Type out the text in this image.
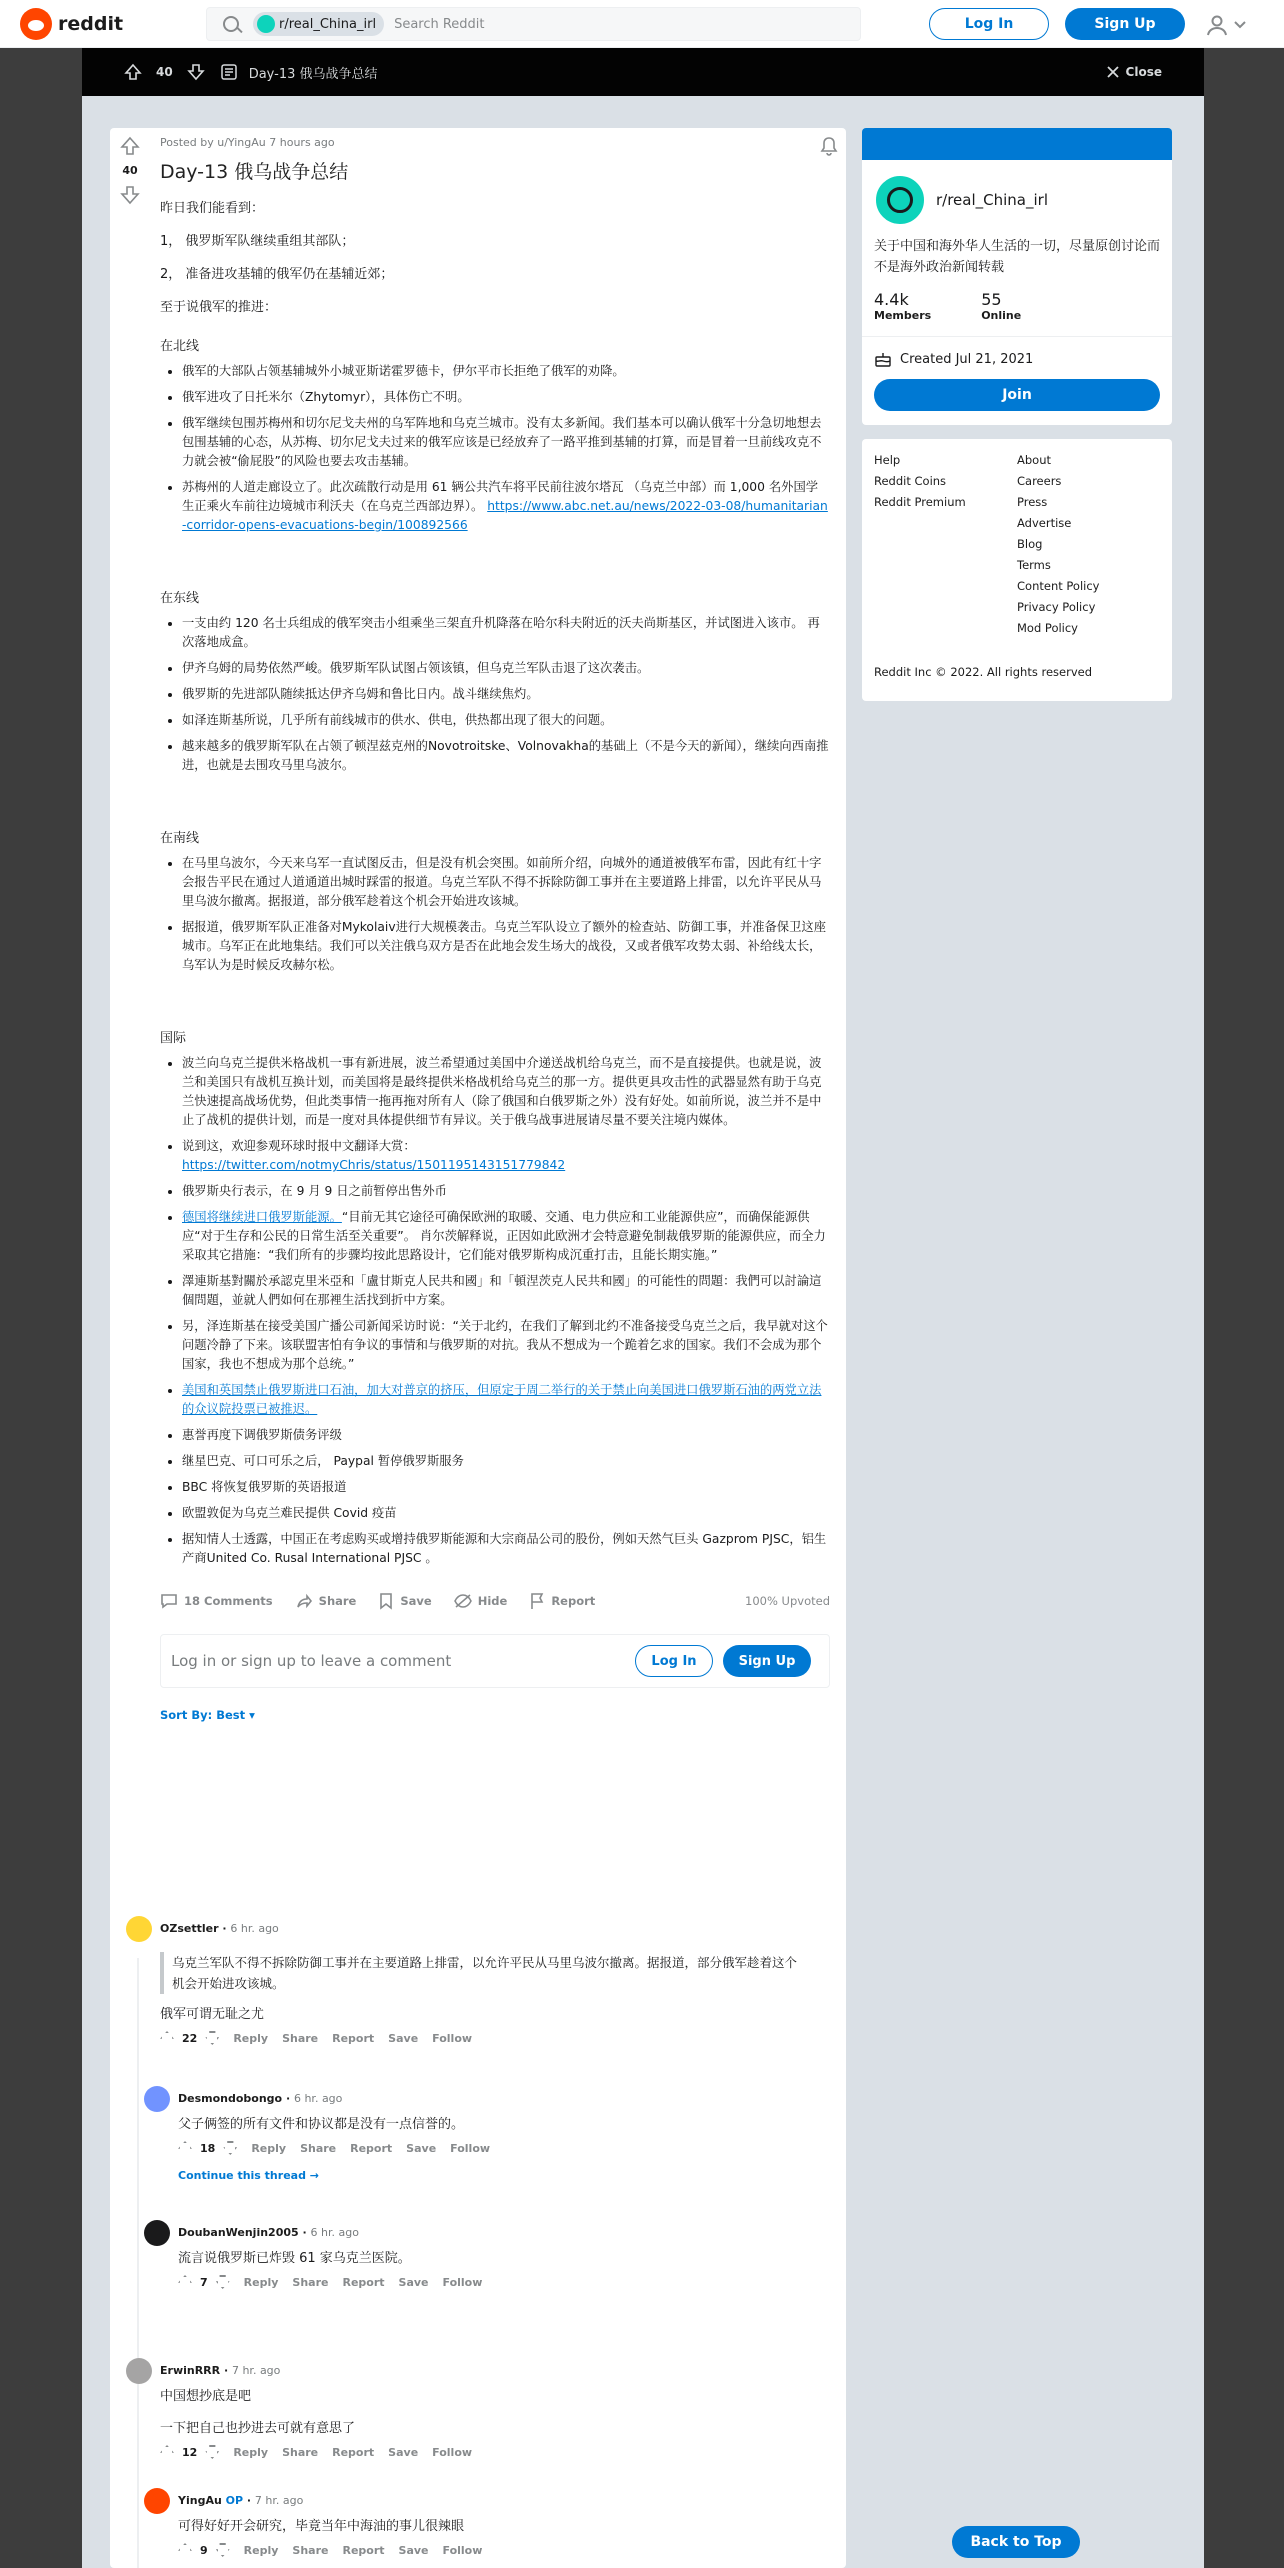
reddit	r/real_China_irl Search Reddit	Log In	Sign Up
40	Day-13 俄乌战争总结	Close
40
Posted by u/YingAu 7 hours ago
Day-13 俄乌战争总结
昨日我们能看到：
1， 俄罗斯军队继续重组其部队；
2， 准备进攻基辅的俄军仍在基辅近郊；
至于说俄军的推进：
在北线
• 俄军的大部队占领基辅城外小城亚斯诺霍罗德卡，伊尔平市长拒绝了俄军的劝降。
• 俄军进攻了日托米尔（Zhytomyr），具体伤亡不明。
• 俄军继续包围苏梅州和切尔尼戈夫州的乌军阵地和乌克兰城市。没有太多新闻。我们基本可以确认俄军十分急切地想去包围基辅的心态，从苏梅、切尔尼戈夫过来的俄军应该是已经放弃了一路平推到基辅的打算，而是冒着一旦前线攻克不力就会被“偷屁股”的风险也要去攻击基辅。
• 苏梅州的人道走廊设立了。此次疏散行动是用 61 辆公共汽车将平民前往波尔塔瓦 （乌克兰中部）而 1,000 名外国学生正乘火车前往边境城市利沃夫（在乌克兰西部边界）。 https://www.abc.net.au/news/2022-03-08/humanitarian-corridor-opens-evacuations-begin/100892566
在东线
• 一支由约 120 名士兵组成的俄军突击小组乘坐三架直升机降落在哈尔科夫附近的沃夫尚斯基区，并试图进入该市。 再次落地成盒。
• 伊齐乌姆的局势依然严峻。俄罗斯军队试图占领该镇，但乌克兰军队击退了这次袭击。
• 俄罗斯的先进部队随续抵达伊齐乌姆和鲁比日内。战斗继续焦灼。
• 如泽连斯基所说，几乎所有前线城市的供水、供电，供热都出现了很大的问题。
• 越来越多的俄罗斯军队在占领了顿涅兹克州的Novotroitske、Volnovakha的基础上（不是今天的新闻），继续向西南推进，也就是去围攻马里乌波尔。
在南线
• 在马里乌波尔，今天来乌军一直试图反击，但是没有机会突围。如前所介绍，向城外的通道被俄军布雷，因此有红十字会报告平民在通过人道通道出城时踩雷的报道。乌克兰军队不得不拆除防御工事并在主要道路上排雷，以允许平民从马里乌波尔撤离。据报道，部分俄军趁着这个机会开始进攻该城。
• 据报道，俄罗斯军队正准备对Mykolaiv进行大规模袭击。乌克兰军队设立了额外的检查站、防御工事，并准备保卫这座城市。乌军正在此地集结。我们可以关注俄乌双方是否在此地会发生场大的战役，又或者俄军攻势太弱、补给线太长，乌军认为是时候反攻赫尔松。
国际
• 波兰向乌克兰提供米格战机一事有新进展，波兰希望通过美国中介递送战机给乌克兰，而不是直接提供。也就是说，波兰和美国只有战机互换计划，而美国将是最终提供米格战机给乌克兰的那一方。提供更具攻击性的武器显然有助于乌克兰快速提高战场优势，但此类事情一拖再拖对所有人（除了俄国和白俄罗斯之外）没有好处。如前所说，波兰并不是中止了战机的提供计划，而是一度对具体提供细节有异议。关于俄乌战事进展请尽量不要关注境内媒体。
• 说到这，欢迎参观环球时报中文翻译大赏：
https://twitter.com/notmyChris/status/1501195143151779842
• 俄罗斯央行表示，在 9 月 9 日之前暂停出售外币
• 德国将继续进口俄罗斯能源。“目前无其它途径可确保欧洲的取暖、交通、电力供应和工业能源供应”，而确保能源供应“对于生存和公民的日常生活至关重要”。 肖尔茨解释说，正因如此欧洲才会特意避免制裁俄罗斯的能源供应，而全力采取其它措施：“我们所有的步骤均按此思路设计，它们能对俄罗斯构成沉重打击，且能长期实施。”
• 澤連斯基對關於承認克里米亞和「盧甘斯克人民共和國」和「頓涅茨克人民共和國」的可能性的問題：我們可以討論這個問題，並就人們如何在那裡生活找到折中方案。
• 另，泽连斯基在接受美国广播公司新闻采访时说：“关于北约，在我们了解到北约不准备接受乌克兰之后，我早就对这个问题冷静了下来。该联盟害怕有争议的事情和与俄罗斯的对抗。我从不想成为一个跪着乞求的国家。我们不会成为那个国家，我也不想成为那个总统。”
• 美国和英国禁止俄罗斯进口石油，加大对普京的挤压，但原定于周二举行的关于禁止向美国进口俄罗斯石油的两党立法的众议院投票已被推迟。
• 惠誉再度下调俄罗斯债务评级
• 继星巴克、可口可乐之后， Paypal 暂停俄罗斯服务
• BBC 将恢复俄罗斯的英语报道
• 欧盟敦促为乌克兰难民提供 Covid 疫苗
• 据知情人士透露，中国正在考虑购买或增持俄罗斯能源和大宗商品公司的股份，例如天然气巨头 Gazprom PJSC，铝生产商United Co. Rusal International PJSC 。
18 Comments	Share	Save	Hide	Report	100% Upvoted
Log in or sign up to leave a comment	Log In	Sign Up
Sort By: Best ▾
OZsettler · 6 hr. ago
乌克兰军队不得不拆除防御工事并在主要道路上排雷，以允许平民从马里乌波尔撤离。据报道，部分俄军趁着这个机会开始进攻该城。
俄军可谓无耻之尤
22	Reply Share Report Save Follow
Desmondobongo · 6 hr. ago
父子俩签的所有文件和协议都是没有一点信誉的。
18	Reply Share Report Save Follow
Continue this thread →
DoubanWenjin2005 · 6 hr. ago
流言说俄罗斯已炸毁 61 家乌克兰医院。
7	Reply Share Report Save Follow
ErwinRRR · 7 hr. ago
中国想抄底是吧
一下把自己也抄进去可就有意思了
12	Reply Share Report Save Follow
YingAu OP · 7 hr. ago
可得好好开会研究，毕竟当年中海油的事儿很辣眼
9	Reply Share Report Save Follow
r/real_China_irl
关于中国和海外华人生活的一切，尽量原创讨论而不是海外政治新闻转载
4.4k
Members
55
Online
Created Jul 21, 2021
Join
Help	About
Reddit Coins	Careers
Reddit Premium	Press
Advertise
Blog
Terms
Content Policy
Privacy Policy
Mod Policy
Reddit Inc © 2022. All rights reserved
Back to Top
